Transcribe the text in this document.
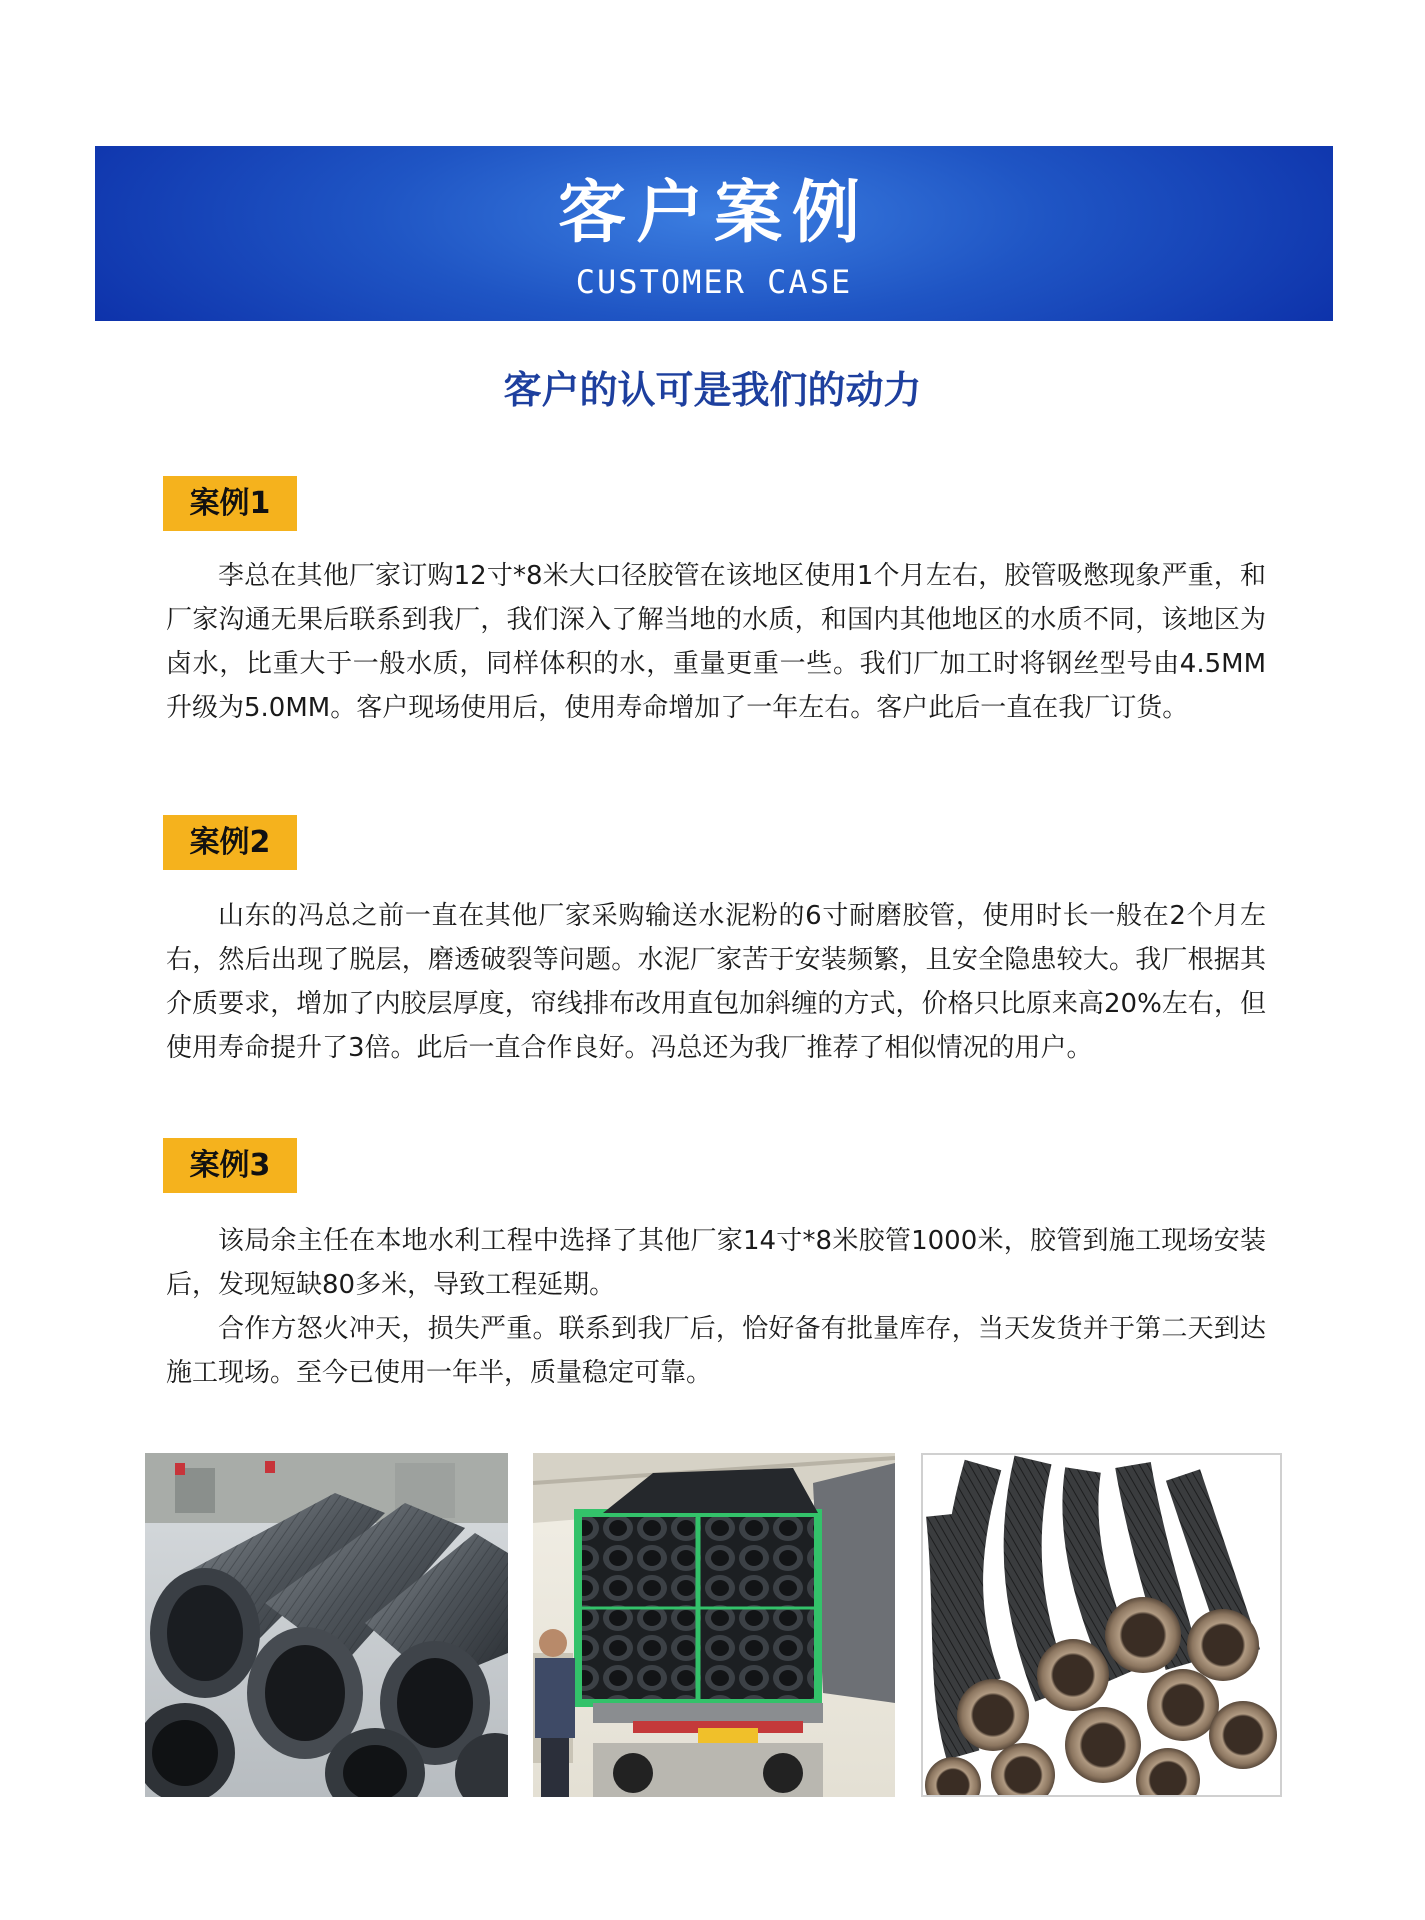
客户案例
CUSTOMER CASE
客户的认可是我们的动力
案例1

李总在其他厂家订购12寸*8米大口径胶管在该地区使用1个月左右，胶管吸憋现象严重，和厂家沟通无果后联系到我厂，我们深入了解当地的水质，和国内其他地区的水质不同，该地区为卤水，比重大于一般水质，同样体积的水，重量更重一些。我们厂加工时将钢丝型号由4.5MM升级为5.0MM。客户现场使用后，使用寿命增加了一年左右。客户此后一直在我厂订货。

案例2

山东的冯总之前一直在其他厂家采购输送水泥粉的6寸耐磨胶管，使用时长一般在2个月左右，然后出现了脱层，磨透破裂等问题。水泥厂家苦于安装频繁，且安全隐患较大。我厂根据其介质要求，增加了内胶层厚度，帘线排布改用直包加斜缠的方式，价格只比原来高20%左右，但使用寿命提升了3倍。此后一直合作良好。冯总还为我厂推荐了相似情况的用户。

案例3

该局余主任在本地水利工程中选择了其他厂家14寸*8米胶管1000米，胶管到施工现场安装后，发现短缺80多米，导致工程延期。

合作方怒火冲天，损失严重。联系到我厂后，恰好备有批量库存，当天发货并于第二天到达施工现场。至今已使用一年半，质量稳定可靠。
